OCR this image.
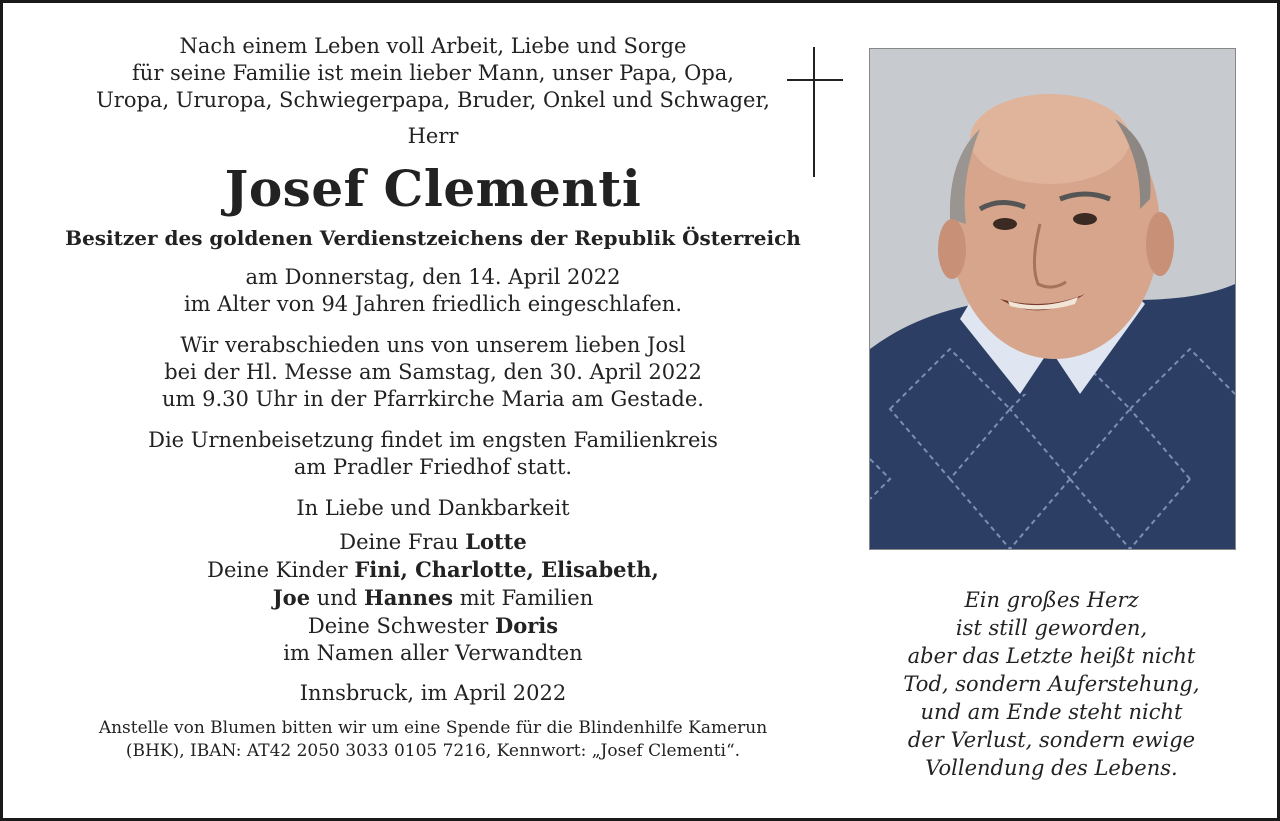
Nach einem Leben voll Arbeit, Liebe und Sorge
für seine Familie ist mein lieber Mann, unser Papa, Opa,
Uropa, Ururopa, Schwiegerpapa, Bruder, Onkel und Schwager,
Herr
Josef Clementi
Besitzer des goldenen Verdienstzeichens der Republik Österreich
am Donnerstag, den 14. April 2022
im Alter von 94 Jahren friedlich eingeschlafen.
Wir verabschieden uns von unserem lieben Josl
bei der Hl. Messe am Samstag, den 30. April 2022
um 9.30 Uhr in der Pfarrkirche Maria am Gestade.
Die Urnenbeisetzung findet im engsten Familienkreis
am Pradler Friedhof statt.
In Liebe und Dankbarkeit
Deine Frau Lotte
Deine Kinder Fini, Charlotte, Elisabeth,
Joe und Hannes mit Familien
Deine Schwester Doris
im Namen aller Verwandten
Innsbruck, im April 2022
Anstelle von Blumen bitten wir um eine Spende für die Blindenhilfe Kamerun
(BHK), IBAN: AT42 2050 3033 0105 7216, Kennwort: „Josef Clementi“.
Ein großes Herz
ist still geworden,
aber das Letzte heißt nicht
Tod, sondern Auferstehung,
und am Ende steht nicht
der Verlust, sondern ewige
Vollendung des Lebens.
